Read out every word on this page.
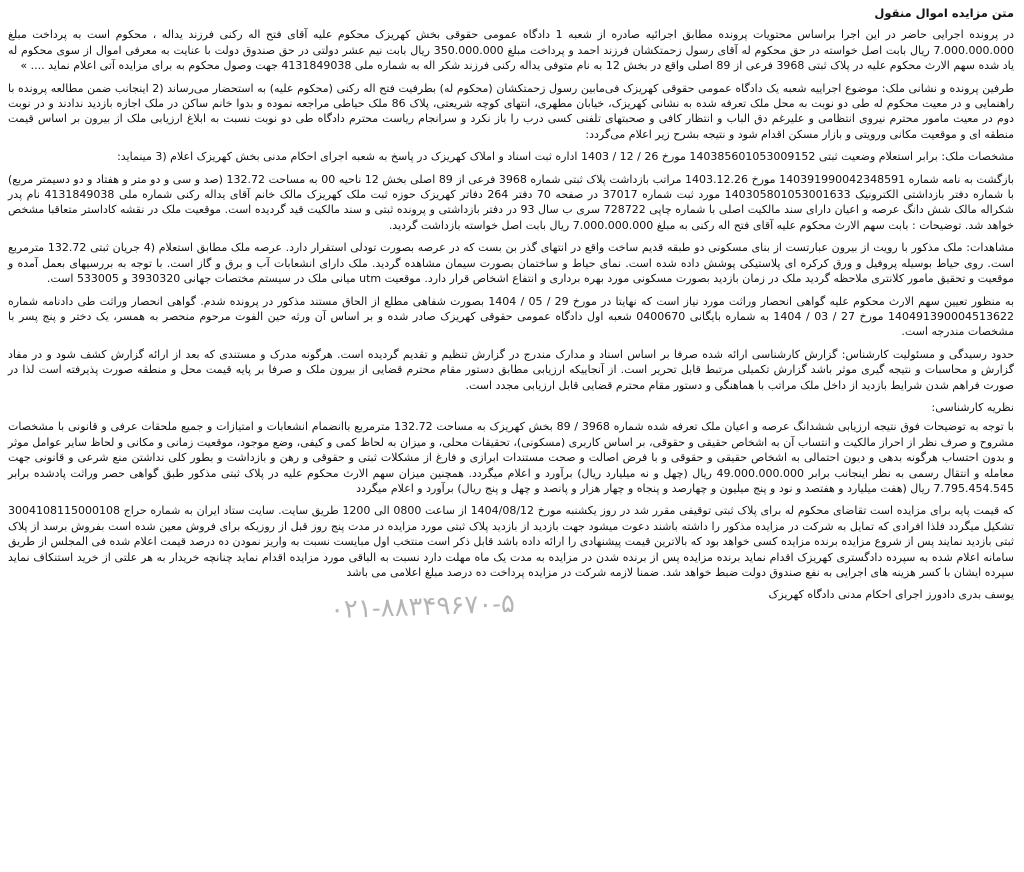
متن مزایده اموال منقول

در پرونده اجرایی حاضر در این اجرا براساس محتویات پرونده مطابق اجرائیه صادره از شعبه 1 دادگاه عمومی حقوقی بخش کهریزک محکوم علیه آقای فتح اله رکنی فرزند یداله ، محکوم است به پرداخت مبلغ 7.000.000.000 ریال بابت اصل خواسته در حق محکوم له آقای رسول زحمتکشان فرزند احمد و پرداخت مبلغ 350.000.000 ریال بابت نیم عشر دولتی در حق صندوق دولت با عنایت به معرفی اموال از سوی محکوم له یاد شده سهم الارث محکوم علیه در پلاک ثبتی 3968 فرعی از 89 اصلی واقع در بخش 12 به نام متوفی یداله رکنی فرزند شکر اله به شماره ملی 4131849038 جهت وصول محکوم به برای مزایده آتی اعلام نماید .... »

طرفین پرونده و نشانی ملک: موضوع اجراییه شعبه یک دادگاه عمومی حقوقی کهریزک فی‌مابین رسول زحمتکشان (محکوم له) بطرفیت فتح اله رکنی (محکوم علیه) به استحضار می‌رساند (2 اینجانب ضمن مطالعه پرونده با راهنمایی و در معیت محکوم له طی دو نوبت به محل ملک تعرفه شده به نشانی کهریزک، خیابان مطهری، انتهای کوچه شریعتی، پلاک 86 ملک حیاطی مراجعه نموده و بدوا خانم ساکن در ملک اجازه بازدید ندادند و در نوبت دوم در معیت مامور محترم نیروی انتظامی و علیرغم دق الباب و انتظار کافی و صحبتهای تلفنی کسی درب را باز نکرد و سرانجام ریاست محترم دادگاه طی دو نوبت نسبت به ابلاغ ارزیابی ملک از بیرون بر اساس قیمت منطقه ای و موقعیت مکانی ورویتی و بازار مسکن اقدام شود و نتیجه بشرح زیر اعلام می‌گردد:

مشخصات ملک: برابر استعلام وضعیت ثبتی 140385601053009152 مورخ 26 / 12 / 1403 اداره ثبت اسناد و املاک کهریزک در پاسخ به شعبه اجرای احکام مدنی بخش کهریزک اعلام (3 مینماید:

بازگشت به نامه شماره 140391990042348591 مورخ 1403.12.26 مراتب بازداشت پلاک ثبتی شماره 3968 فرعی از 89 اصلی بخش 12 ناحیه 00 به مساحت 132.72 (صد و سی و دو متر و هفتاد و دو دسیمتر مربع) با شماره دفتر بازداشتی الکترونیک 140305801053001633 مورد ثبت شماره 37017 در صفحه 70 دفتر 264 دفاتر کهریزک حوزه ثبت ملک کهریزک مالک خانم آقای یداله رکنی شماره ملی 4131849038 نام پدر شکراله مالک شش دانگ عرصه و اعیان دارای سند مالکیت اصلی با شماره چاپی 728722 سری ب سال 93 در دفتر بازداشتی و پرونده ثبتی و سند مالکیت قید گردیده است. موقعیت ملک در نقشه کاداستر متعاقبا مشخص خواهد شد. توضیحات : بابت سهم الارث محکوم علیه آقای فتح اله رکنی به مبلغ 7.000.000.000 ریال بابت اصل خواسته بازداشت گردید.

مشاهدات: ملک مذکور با رویت از بیرون عبارتست از بنای مسکونی دو طبقه قدیم ساخت واقع در انتهای گذر بن بست که در عرصه بصورت تودلی استقرار دارد. عرصه ملک مطابق استعلام (4 جریان ثبتی 132.72 مترمربع است. روی حیاط بوسیله پروفیل و ورق کرکره ای پلاستیکی پوشش داده شده است. نمای حیاط و ساختمان بصورت سیمان مشاهده گردید. ملک دارای انشعابات آب و برق و گاز است. با توجه به بررسیهای بعمل آمده و موقعیت و تحقیق مامور کلانتری ملاحظه گردید ملک در زمان بازدید بصورت مسکونی مورد بهره برداری و انتفاع اشخاص قرار دارد. موقعیت utm میانی ملک در سیستم مختصات جهانی 3930320 و 533005 است.

به منظور تعیین سهم الارث محکوم علیه گواهی انحصار وراثت مورد نیاز است که نهایتا در مورخ 29 / 05 / 1404 بصورت شفاهی مطلع از الحاق مستند مذکور در پرونده شدم. گواهی انحصار وراثت طی دادنامه شماره 140491390004513622 مورخ 27 / 03 / 1404 به شماره بایگانی 0400670 شعبه اول دادگاه عمومی حقوقی کهریزک صادر شده و بر اساس آن ورثه حین الفوت مرحوم منحصر به همسر، یک دختر و پنج پسر با مشخصات مندرجه است.

حدود رسیدگی و مسئولیت کارشناس: گزارش کارشناسی ارائه شده صرفا بر اساس اسناد و مدارک مندرج در گزارش تنظیم و تقدیم گردیده است. هرگونه مدرک و مستندی که بعد از ارائه گزارش کشف شود و در مفاد گزارش و محاسبات و نتیجه گیری موثر باشد گزارش تکمیلی مرتبط قابل تحریر است. از آنجاییکه ارزیابی مطابق دستور مقام محترم قضایی از بیرون ملک و صرفا بر پایه قیمت محل و منطقه صورت پذیرفته است لذا در صورت فراهم شدن شرایط بازدید از داخل ملک مراتب با هماهنگی و دستور مقام محترم قضایی قابل ارزیابی مجدد است.

نظریه کارشناسی:

با توجه به توضیحات فوق نتیجه ارزیابی ششدانگ عرصه و اعیان ملک تعرفه شده شماره 3968 / 89 بخش کهریزک به مساحت 132.72 مترمربع باانضمام انشعابات و امتیازات و جمیع ملحقات عرفی و قانونی با مشخصات مشروح و صرف نظر از احراز مالکیت و انتساب آن به اشخاص حقیقی و حقوقی، بر اساس کاربری (مسکونی)، تحقیقات محلی، و میزان به لحاظ کمی و کیفی، وضع موجود، موقعیت زمانی و مکانی و لحاظ سایر عوامل موثر و بدون احتساب هرگونه بدهی و دیون احتمالی به اشخاص حقیقی و حقوقی و با فرض اصالت و صحت مستندات ابرازی و فارغ از مشکلات ثبتی و حقوقی و رهن و بازداشت و بطور کلی نداشتن منع شرعی و قانونی جهت معامله و انتقال رسمی به نظر اینجانب برابر 49.000.000.000 ریال (چهل و نه میلیارد ریال) برآورد و اعلام میگردد. همچنین میزان سهم الارث محکوم علیه در پلاک ثبتی مذکور طبق گواهی حصر وراثت پادشده برابر 7.795.454.545 ریال (هفت میلیارد و هفتصد و نود و پنج میلیون و چهارصد و پنجاه و چهار هزار و پانصد و چهل و پنج ریال) برآورد و اعلام میگردد

که قیمت پایه برای مزایده است تقاضای محکوم له برای پلاک ثبتی توقیفی مقرر شد در روز یکشنبه مورخ 1404/08/12 از ساعت 0800 الی 1200 طریق سایت. سایت ستاد ایران به شماره حراج 3004108115000108 تشکیل میگردد فلذا افرادی که تمایل به شرکت در مزایده مذکور را داشته باشند دعوت میشود جهت بازدید از بازدید پلاک ثبتی مورد مزایده در مدت پنج روز قبل از روزیکه برای فروش معین شده است بفروش برسد از پلاک ثبتی بازدید نمایند پس از شروع مزایده برنده مزایده کسی خواهد بود که بالاترین قیمت پیشنهادی را ارائه داده باشد قابل ذکر است منتخب اول مبایست نسبت به واریز نمودن ده درصد قیمت اعلام شده فی المجلس از طریق سامانه اعلام شده به سپرده دادگستری کهریزک اقدام نماید برنده مزایده پس از برنده شدن در مزایده به مدت یک ماه مهلت دارد نسبت به الباقی مورد مزایده اقدام نماید چنانچه خریدار به هر علتی از خرید استنکاف نماید سپرده ایشان با کسر هزینه های اجرایی به نفع صندوق دولت ضبط خواهد شد. ضمنا لازمه شرکت در مزایده پرداخت ده درصد مبلغ اعلامی می باشد

یوسف بدری دادورز اجرای احکام مدنی دادگاه کهریزک
۰۲۱-۸۸۳۴۹۶۷۰-۵
